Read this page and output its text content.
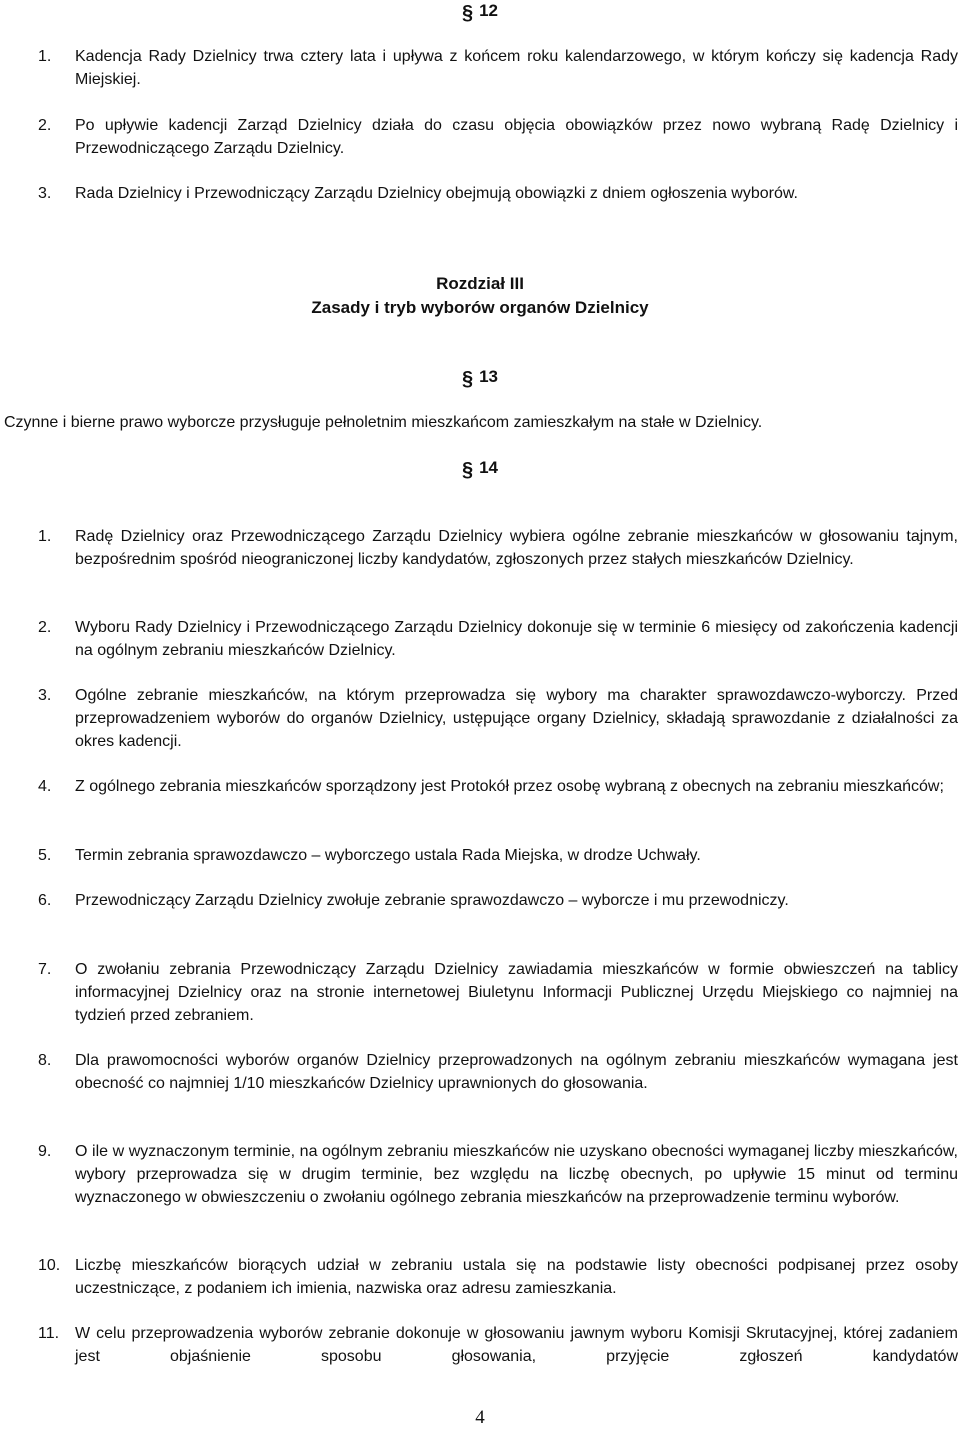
§ 12
1.	Kadencja Rady Dzielnicy trwa cztery lata i upływa z końcem roku kalendarzowego, w którym kończy się kadencja Rady Miejskiej.
2.	Po upływie kadencji Zarząd Dzielnicy działa do czasu objęcia obowiązków przez nowo wybraną Radę Dzielnicy i Przewodniczącego Zarządu Dzielnicy.
3.	Rada Dzielnicy i Przewodniczący Zarządu Dzielnicy obejmują obowiązki z dniem ogłoszenia wyborów.
Rozdział III
Zasady i tryb wyborów organów Dzielnicy
§ 13
Czynne i bierne prawo wyborcze przysługuje pełnoletnim mieszkańcom zamieszkałym na stałe w Dzielnicy.
§ 14
1.	Radę Dzielnicy oraz Przewodniczącego Zarządu Dzielnicy wybiera ogólne zebranie mieszkańców w głosowaniu tajnym, bezpośrednim spośród nieograniczonej liczby kandydatów, zgłoszonych przez stałych mieszkańców Dzielnicy.
2.	Wyboru Rady Dzielnicy i Przewodniczącego Zarządu Dzielnicy dokonuje się w terminie 6 miesięcy od zakończenia kadencji na ogólnym zebraniu mieszkańców Dzielnicy.
3.	Ogólne zebranie mieszkańców, na którym przeprowadza się wybory ma charakter sprawozdawczo-wyborczy. Przed przeprowadzeniem wyborów do organów Dzielnicy, ustępujące organy Dzielnicy, składają sprawozdanie z działalności za okres kadencji.
4.	Z ogólnego zebrania mieszkańców sporządzony jest Protokół przez osobę wybraną z obecnych na zebraniu mieszkańców;
5.	Termin zebrania sprawozdawczo – wyborczego ustala Rada Miejska, w drodze Uchwały.
6.	Przewodniczący Zarządu Dzielnicy zwołuje zebranie sprawozdawczo – wyborcze i mu przewodniczy.
7.	O zwołaniu zebrania Przewodniczący Zarządu Dzielnicy zawiadamia mieszkańców w formie obwieszczeń na tablicy informacyjnej Dzielnicy oraz na stronie internetowej Biuletynu Informacji Publicznej Urzędu Miejskiego co najmniej na tydzień przed zebraniem.
8.	Dla prawomocności wyborów organów Dzielnicy przeprowadzonych na ogólnym zebraniu mieszkańców wymagana jest obecność co najmniej 1/10 mieszkańców Dzielnicy uprawnionych do głosowania.
9.	O ile w wyznaczonym terminie, na ogólnym zebraniu mieszkańców nie uzyskano obecności wymaganej liczby mieszkańców, wybory przeprowadza się w drugim terminie, bez względu na liczbę obecnych, po upływie 15 minut od terminu wyznaczonego w obwieszczeniu o zwołaniu ogólnego zebrania mieszkańców na przeprowadzenie terminu wyborów.
10. Liczbę mieszkańców biorących udział w zebraniu ustala się na podstawie listy obecności podpisanej przez osoby uczestniczące, z podaniem ich imienia, nazwiska oraz adresu zamieszkania.
11. W celu przeprowadzenia wyborów zebranie dokonuje w głosowaniu jawnym wyboru Komisji Skrutacyjnej, której zadaniem jest objaśnienie sposobu głosowania, przyjęcie zgłoszeń kandydatów
4
